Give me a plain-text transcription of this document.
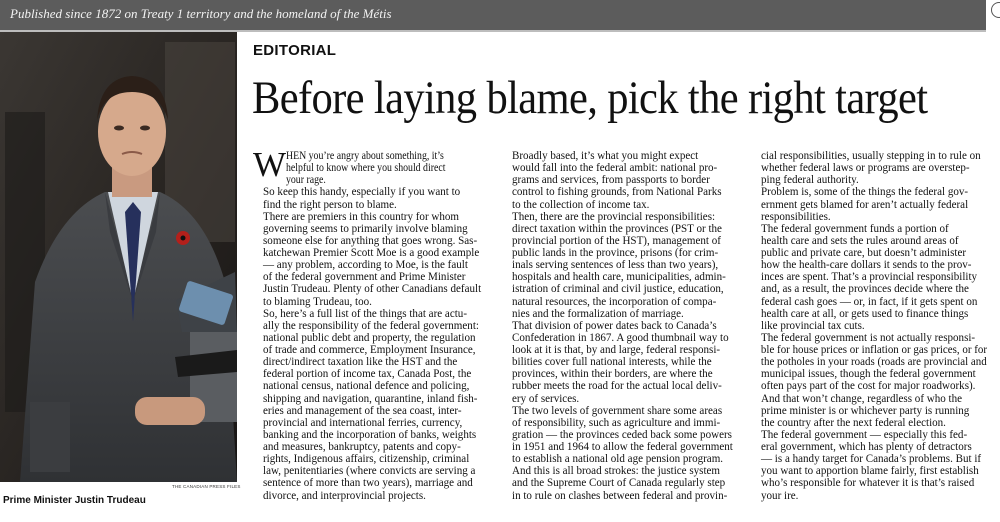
Published since 1872 on Treaty 1 territory and the homeland of the Métis
THE CANADIAN PRESS FILES
Prime Minister Justin Trudeau
EDITORIAL
Before laying blame, pick the right target

W HEN you’re angry about something, it’s
helpful to know where you should direct
your rage.

So keep this handy, especially if you want to
find the right person to blame.

There are premiers in this country for whom
governing seems to primarily involve blaming
someone else for anything that goes wrong. Sas-
katchewan Premier Scott Moe is a good example
— any problem, according to Moe, is the fault
of the federal government and Prime Minister
Justin Trudeau. Plenty of other Canadians default
to blaming Trudeau, too.

So, here’s a full list of the things that are actu-
ally the responsibility of the federal government:
national public debt and property, the regulation
of trade and commerce, Employment Insurance,
direct/indirect taxation like the HST and the
federal portion of income tax, Canada Post, the
national census, national defence and policing,
shipping and navigation, quarantine, inland fish-
eries and management of the sea coast, inter-
provincial and international ferries, currency,
banking and the incorporation of banks, weights
and measures, bankruptcy, patents and copy-
rights, Indigenous affairs, citizenship, criminal
law, penitentiaries (where convicts are serving a
sentence of more than two years), marriage and
divorce, and interprovincial projects.

Broadly based, it’s what you might expect
would fall into the federal ambit: national pro-
grams and services, from passports to border
control to fishing grounds, from National Parks
to the collection of income tax.

Then, there are the provincial responsibilities:
direct taxation within the provinces (PST or the
provincial portion of the HST), management of
public lands in the province, prisons (for crim-
inals serving sentences of less than two years),
hospitals and health care, municipalities, admin-
istration of criminal and civil justice, education,
natural resources, the incorporation of compa-
nies and the formalization of marriage.

That division of power dates back to Canada’s
Confederation in 1867. A good thumbnail way to
look at it is that, by and large, federal responsi-
bilities cover full national interests, while the
provinces, within their borders, are where the
rubber meets the road for the actual local deliv-
ery of services.

The two levels of government share some areas
of responsibility, such as agriculture and immi-
gration — the provinces ceded back some powers
in 1951 and 1964 to allow the federal government
to establish a national old age pension program.
And this is all broad strokes: the justice system
and the Supreme Court of Canada regularly step
in to rule on clashes between federal and provin-

cial responsibilities, usually stepping in to rule on
whether federal laws or programs are overstep-
ping federal authority.

Problem is, some of the things the federal gov-
ernment gets blamed for aren’t actually federal
responsibilities.

The federal government funds a portion of
health care and sets the rules around areas of
public and private care, but doesn’t administer
how the health-care dollars it sends to the prov-
inces are spent. That’s a provincial responsibility
and, as a result, the provinces decide where the
federal cash goes — or, in fact, if it gets spent on
health care at all, or gets used to finance things
like provincial tax cuts.

The federal government is not actually responsi-
ble for house prices or inflation or gas prices, or for
the potholes in your roads (roads are provincial and
municipal issues, though the federal government
often pays part of the cost for major roadworks).

And that won’t change, regardless of who the
prime minister is or whichever party is running
the country after the next federal election.

The federal government — especially this fed-
eral government, which has plenty of detractors
— is a handy target for Canada’s problems. But if
you want to apportion blame fairly, first establish
who’s responsible for whatever it is that’s raised
your ire.
